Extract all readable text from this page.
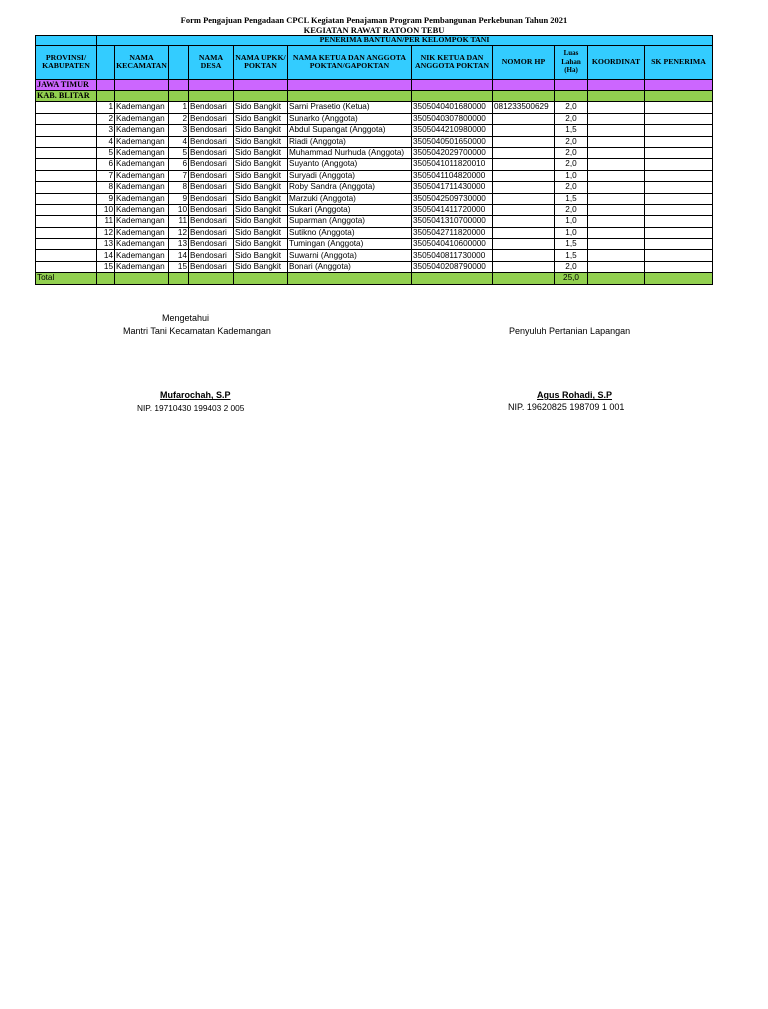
Form Pengajuan Pengadaan CPCL Kegiatan Penajaman Program Pembangunan Perkebunan Tahun 2021
KEGIATAN RAWAT RATOON TEBU
	PENERIMA BANTUAN/PER KELOMPOK TANI										
PROVINSI/ KABUPATEN		NAMA KECAMATAN		NAMA DESA	NAMA UPKK/ POKTAN	NAMA KETUA DAN ANGGOTA POKTAN/GAPOKTAN	NIK KETUA DAN ANGGOTA POKTAN	NOMOR HP	Luas Lahan (Ha)	KOORDINAT	SK PENERIMA
JAWA TIMUR											
KAB. BLITAR											
	1	Kademangan	1	Bendosari	Sido Bangkit	Sarni Prasetio (Ketua)	3505040401680000	081233500629	2,0		
	2	Kademangan	2	Bendosari	Sido Bangkit	Sunarko (Anggota)	3505040307800000		2,0		
	3	Kademangan	3	Bendosari	Sido Bangkit	Abdul Supangat (Anggota)	3505044210980000		1,5		
	4	Kademangan	4	Bendosari	Sido Bangkit	Riadi (Anggota)	3505040501650000		2,0		
	5	Kademangan	5	Bendosari	Sido Bangkit	Muhammad Nurhuda (Anggota)	3505042029700000		2,0		
	6	Kademangan	6	Bendosari	Sido Bangkit	Suyanto (Anggota)	3505041011820010		2,0		
	7	Kademangan	7	Bendosari	Sido Bangkit	Suryadi (Anggota)	3505041104820000		1,0		
	8	Kademangan	8	Bendosari	Sido Bangkit	Roby Sandra (Anggota)	3505041711430000		2,0		
	9	Kademangan	9	Bendosari	Sido Bangkit	Marzuki (Anggota)	3505042509730000		1,5		
	10	Kademangan	10	Bendosari	Sido Bangkit	Sukari (Anggota)	3505041411720000		2,0		
	11	Kademangan	11	Bendosari	Sido Bangkit	Suparman (Anggota)	3505041310700000		1,0		
	12	Kademangan	12	Bendosari	Sido Bangkit	Sutikno (Anggota)	3505042711820000		1,0		
	13	Kademangan	13	Bendosari	Sido Bangkit	Tumingan (Anggota)	3505040410600000		1,5		
	14	Kademangan	14	Bendosari	Sido Bangkit	Suwarni (Anggota)	3505040811730000		1,5		
	15	Kademangan	15	Bendosari	Sido Bangkit	Bonari (Anggota)	3505040208790000		2,0		
Total									25,0		
Mengetahui
Mantri Tani Kecamatan Kademangan	Penyuluh Pertanian Lapangan
Mufarochah, S.P
NIP. 19710430 199403 2 005
Agus Rohadi, S.P
NIP. 19620825 198709 1 001
